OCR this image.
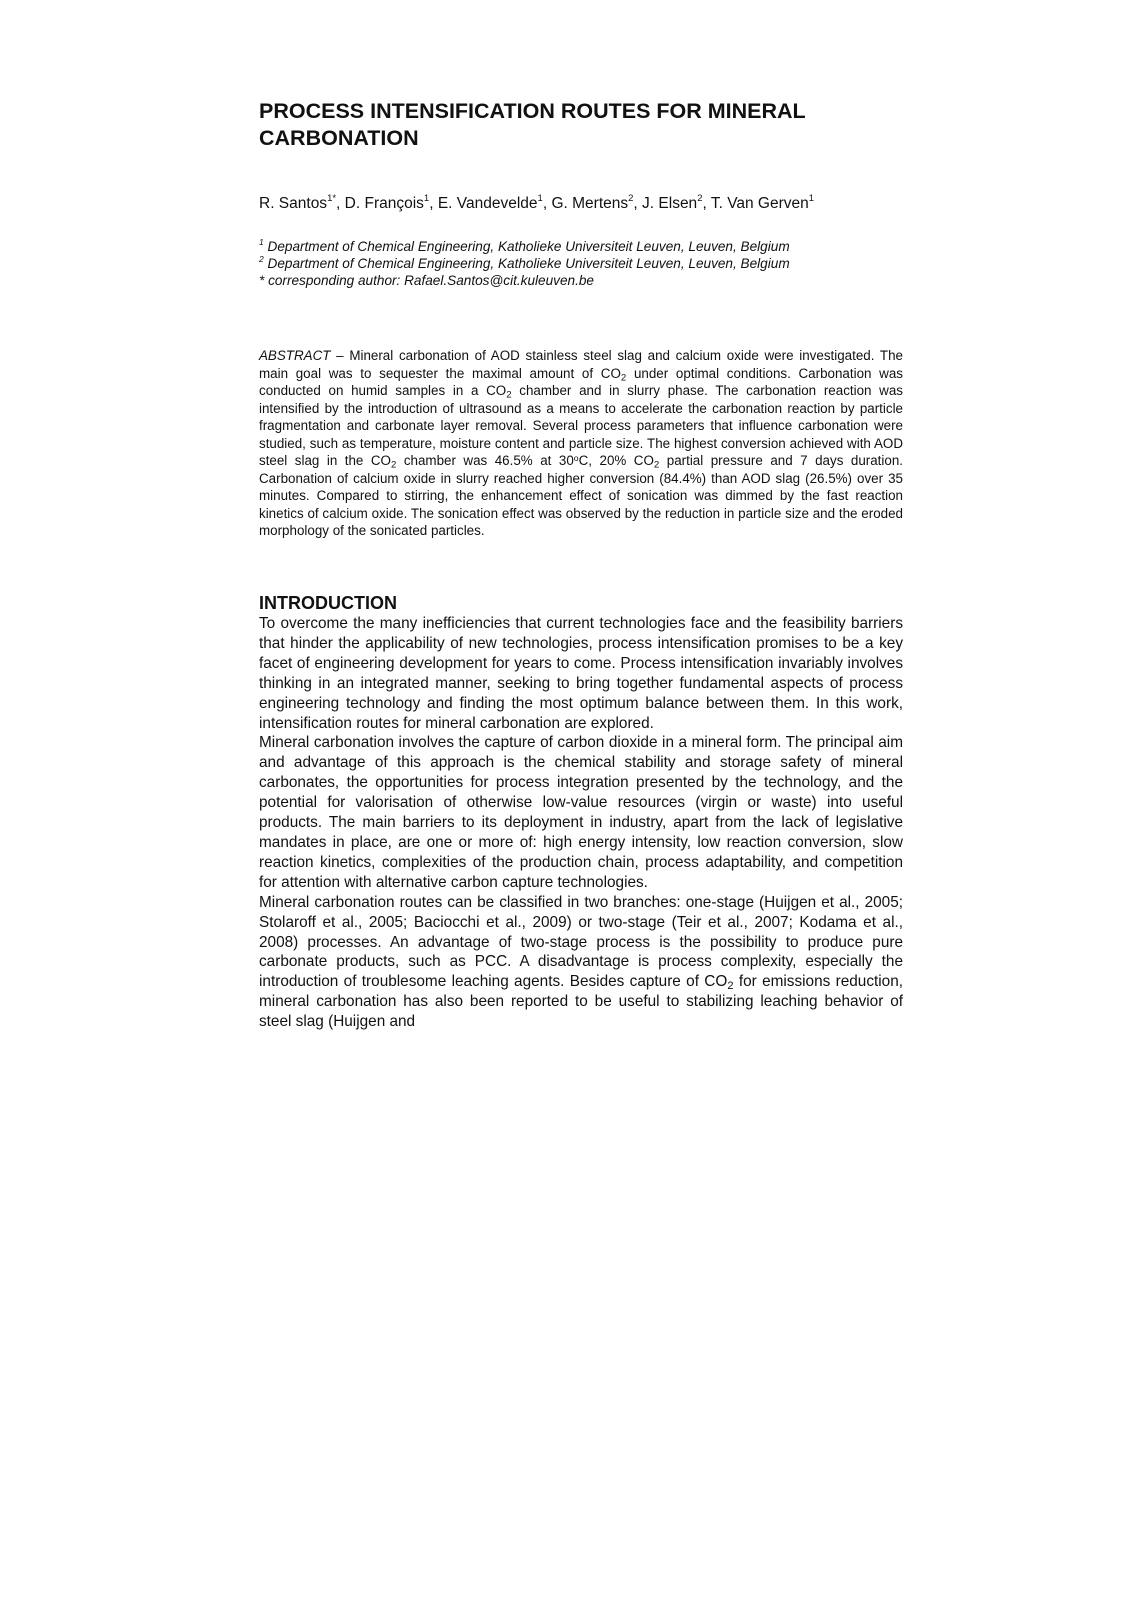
PROCESS INTENSIFICATION ROUTES FOR MINERAL CARBONATION
R. Santos$^{1*}$, D. François$^1$, E. Vandevelde$^1$, G. Mertens$^2$, J. Elsen$^2$, T. Van Gerven$^1$
$^1$ Department of Chemical Engineering, Katholieke Universiteit Leuven, Leuven, Belgium
$^2$ Department of Chemical Engineering, Katholieke Universiteit Leuven, Leuven, Belgium
* corresponding author: Rafael.Santos@cit.kuleuven.be
ABSTRACT – Mineral carbonation of AOD stainless steel slag and calcium oxide were investigated. The main goal was to sequester the maximal amount of $CO_2$ under optimal conditions. Carbonation was conducted on humid samples in a $CO_2$ chamber and in slurry phase. The carbonation reaction was intensified by the introduction of ultrasound as a means to accelerate the carbonation reaction by particle fragmentation and carbonate layer removal. Several process parameters that influence carbonation were studied, such as temperature, moisture content and particle size. The highest conversion achieved with AOD steel slag in the $CO_2$ chamber was 46.5% at 30$^o$C, 20% $CO_2$ partial pressure and 7 days duration. Carbonation of calcium oxide in slurry reached higher conversion (84.4%) than AOD slag (26.5%) over 35 minutes. Compared to stirring, the enhancement effect of sonication was dimmed by the fast reaction kinetics of calcium oxide. The sonication effect was observed by the reduction in particle size and the eroded morphology of the sonicated particles.
INTRODUCTION

To overcome the many inefficiencies that current technologies face and the feasibility barriers that hinder the applicability of new technologies, process intensification promises to be a key facet of engineering development for years to come. Process intensification invariably involves thinking in an integrated manner, seeking to bring together fundamental aspects of process engineering technology and finding the most optimum balance between them. In this work, intensification routes for mineral carbonation are explored.

Mineral carbonation involves the capture of carbon dioxide in a mineral form. The principal aim and advantage of this approach is the chemical stability and storage safety of mineral carbonates, the opportunities for process integration presented by the technology, and the potential for valorisation of otherwise low-value resources (virgin or waste) into useful products. The main barriers to its deployment in industry, apart from the lack of legislative mandates in place, are one or more of: high energy intensity, low reaction conversion, slow reaction kinetics, complexities of the production chain, process adaptability, and competition for attention with alternative carbon capture technologies.

Mineral carbonation routes can be classified in two branches: one-stage (Huijgen et al., 2005; Stolaroff et al., 2005; Baciocchi et al., 2009) or two-stage (Teir et al., 2007; Kodama et al., 2008) processes. An advantage of two-stage process is the possibility to produce pure carbonate products, such as PCC. A disadvantage is process complexity, especially the introduction of troublesome leaching agents. Besides capture of $CO_2$ for emissions reduction, mineral carbonation has also been reported to be useful to stabilizing leaching behavior of steel slag (Huijgen and
